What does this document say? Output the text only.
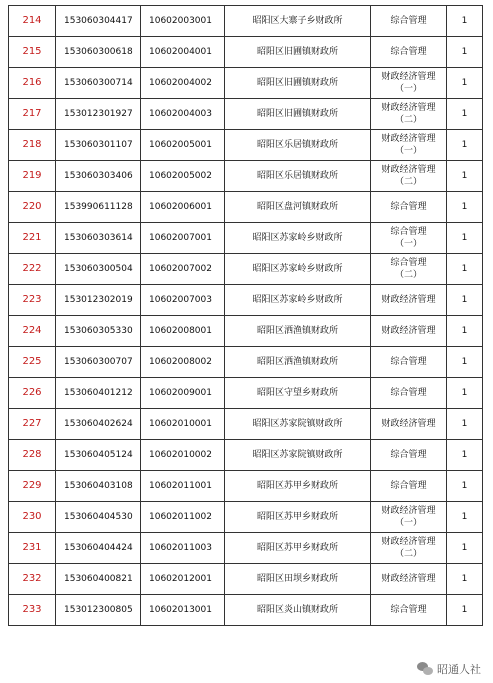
214	153060304417	10602003001	昭阳区大寨子乡财政所	综合管理	1
215	153060300618	10602004001	昭阳区旧圃镇财政所	综合管理	1
216	153060300714	10602004002	昭阳区旧圃镇财政所	财政经济管理
（一）	1
217	153012301927	10602004003	昭阳区旧圃镇财政所	财政经济管理
（二）	1
218	153060301107	10602005001	昭阳区乐居镇财政所	财政经济管理
（一）	1
219	153060303406	10602005002	昭阳区乐居镇财政所	财政经济管理
（二）	1
220	153990611128	10602006001	昭阳区盘河镇财政所	综合管理	1
221	153060303614	10602007001	昭阳区苏家岭乡财政所	综合管理
（一）	1
222	153060300504	10602007002	昭阳区苏家岭乡财政所	综合管理
（二）	1
223	153012302019	10602007003	昭阳区苏家岭乡财政所	财政经济管理	1
224	153060305330	10602008001	昭阳区洒渔镇财政所	财政经济管理	1
225	153060300707	10602008002	昭阳区洒渔镇财政所	综合管理	1
226	153060401212	10602009001	昭阳区守望乡财政所	综合管理	1
227	153060402624	10602010001	昭阳区苏家院镇财政所	财政经济管理	1
228	153060405124	10602010002	昭阳区苏家院镇财政所	综合管理	1
229	153060403108	10602011001	昭阳区苏甲乡财政所	综合管理	1
230	153060404530	10602011002	昭阳区苏甲乡财政所	财政经济管理
（一）	1
231	153060404424	10602011003	昭阳区苏甲乡财政所	财政经济管理
（二）	1
232	153060400821	10602012001	昭阳区田坝乡财政所	财政经济管理	1
233	153012300805	10602013001	昭阳区炎山镇财政所	综合管理	1
昭通人社
